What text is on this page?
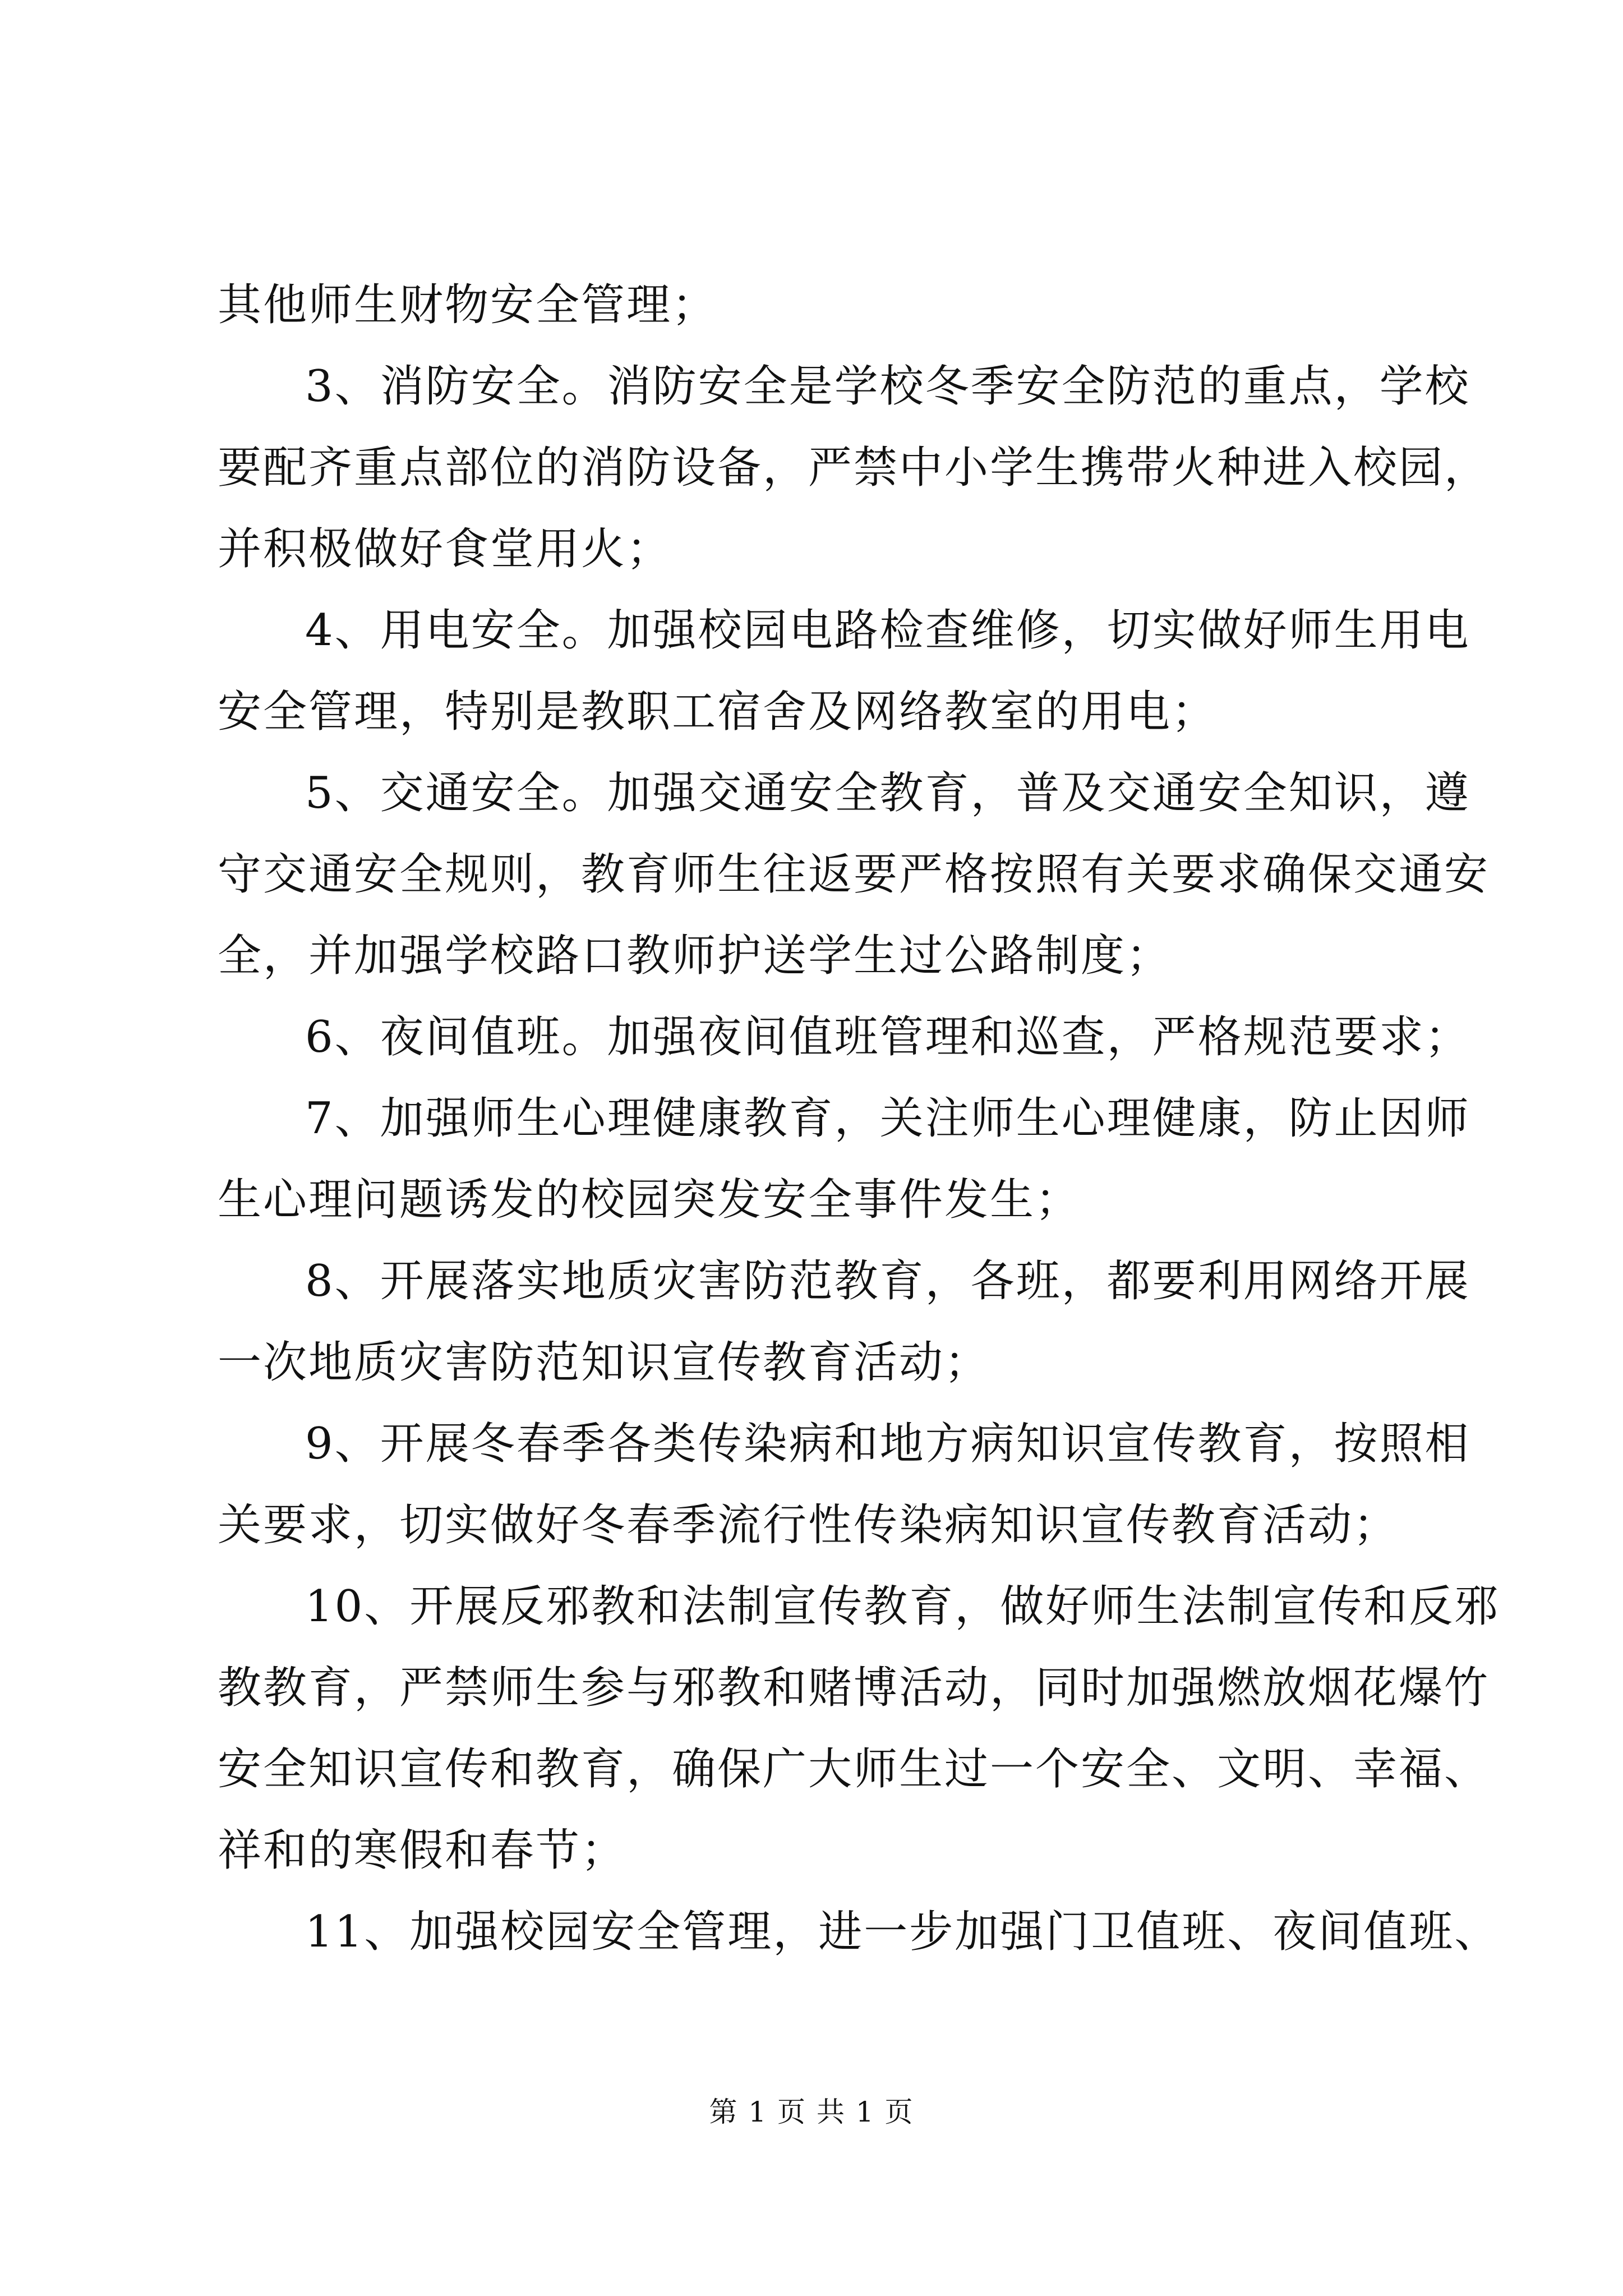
其他师生财物安全管理；
3、消防安全。消防安全是学校冬季安全防范的重点，学校
要配齐重点部位的消防设备，严禁中小学生携带火种进入校园，
并积极做好食堂用火；
4、用电安全。加强校园电路检查维修，切实做好师生用电
安全管理，特别是教职工宿舍及网络教室的用电；
5、交通安全。加强交通安全教育，普及交通安全知识，遵
守交通安全规则，教育师生往返要严格按照有关要求确保交通安
全，并加强学校路口教师护送学生过公路制度；
6、夜间值班。加强夜间值班管理和巡查，严格规范要求；
7、加强师生心理健康教育，关注师生心理健康，防止因师
生心理问题诱发的校园突发安全事件发生；
8、开展落实地质灾害防范教育，各班，都要利用网络开展
一次地质灾害防范知识宣传教育活动；
9、开展冬春季各类传染病和地方病知识宣传教育，按照相
关要求，切实做好冬春季流行性传染病知识宣传教育活动；
10、开展反邪教和法制宣传教育，做好师生法制宣传和反邪
教教育，严禁师生参与邪教和赌博活动，同时加强燃放烟花爆竹
安全知识宣传和教育，确保广大师生过一个安全、文明、幸福、
祥和的寒假和春节；
11、加强校园安全管理，进一步加强门卫值班、夜间值班、
第 1 页 共 1 页
